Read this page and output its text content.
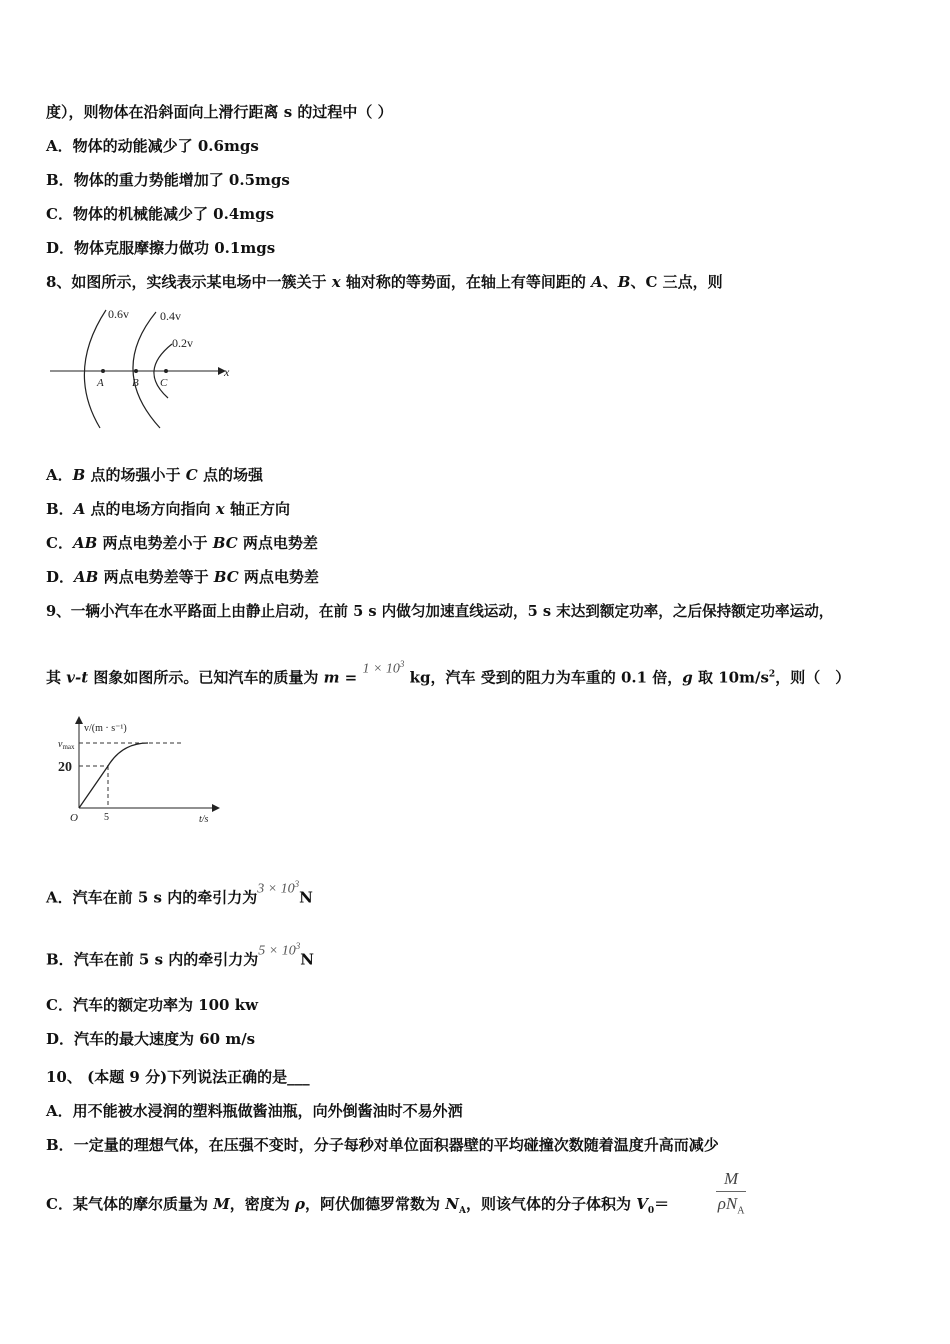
度），则物体在沿斜面向上滑行距离 s 的过程中（ ）
A．物体的动能减少了 0.6mgs
B．物体的重力势能增加了 0.5mgs
C．物体的机械能减少了 0.4mgs
D．物体克服摩擦力做功 0.1mgs
8、如图所示，实线表示某电场中一簇关于 x 轴对称的等势面，在轴上有等间距的 A、B、C 三点，则
0.6v	0.4v
0.2v
A	B C
x
A．B 点的场强小于 C 点的场强
B．A 点的电场方向指向 x 轴正方向
C．AB 两点电势差小于 BC 两点电势差
D．AB 两点电势差等于 BC 两点电势差
9、一辆小汽车在水平路面上由静止启动，在前 5 s 内做匀加速直线运动，5 s 末达到额定功率，之后保持额定功率运动，
其 v-t 图象如图所示。已知汽车的质量为 $m = 1 \times 10^3$ kg，汽车 受到的阻力为车重的 0.1 倍，g 取 $10m/s^2$，则（　）
v/(m · s⁻¹)
$v_{max}$
20
O	5	t/s
A．汽车在前 5 s 内的牵引力为$3 \times 10^3N$
B．汽车在前 5 s 内的牵引力为$5 \times 10^3N$
C．汽车的额定功率为 100 kw
D．汽车的最大速度为 60 m/s
10、 (本题 9 分)下列说法正确的是___
A．用不能被水浸润的塑料瓶做酱油瓶，向外倒酱油时不易外洒
B．一定量的理想气体，在压强不变时，分子每秒对单位面积器壁的平均碰撞次数随着温度升高而减少
C．某气体的摩尔质量为 M，密度为 ρ，阿伏伽德罗常数为 $N_A$，则该气体的分子体积为 $V_0=$
M
$\rho N_A$
